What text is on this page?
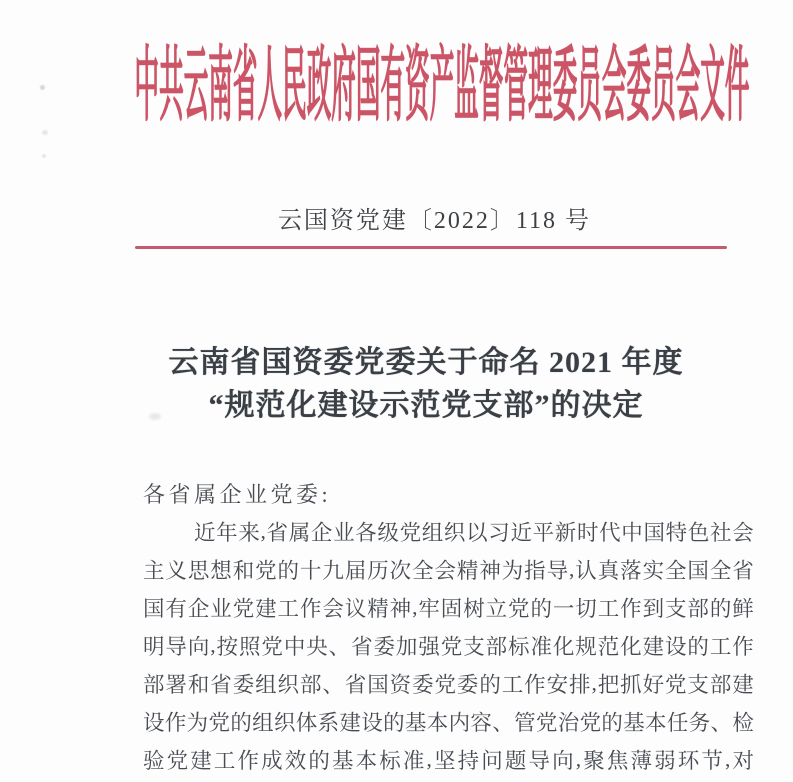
中共云南省人民政府国有资产监督管理委员会委员会文件
云国资党建〔2022〕118 号
云南省国资委党委关于命名 2021 年度
“规范化建设示范党支部”的决定
各省属企业党委:
近 年 来 , 省 属 企 业 各 级 党 组 织 以 习 近 平 新 时 代 中 国 特 色 社 会
主 义 思 想 和 党 的 十 九 届 历 次 全 会 精 神 为 指 导 , 认 真 落 实 全 国 全 省
国 有 企 业 党 建 工 作 会 议 精 神 , 牢 固 树 立 党 的 一 切 工 作 到 支 部 的 鲜
明 导 向 , 按 照 党 中 央 、 省 委 加 强 党 支 部 标 准 化 规 范 化 建 设 的 工 作
部 署 和 省 委 组 织 部 、 省 国 资 委 党 委 的 工 作 安 排 , 把 抓 好 党 支 部 建
设 作 为 党 的 组 织 体 系 建 设 的 基 本 内 容 、 管 党 治 党 的 基 本 任 务 、 检
验 党 建 工 作 成 效 的 基 本 标 准 , 坚 持 问 题 导 向 , 聚 焦 薄 弱 环 节 , 对
